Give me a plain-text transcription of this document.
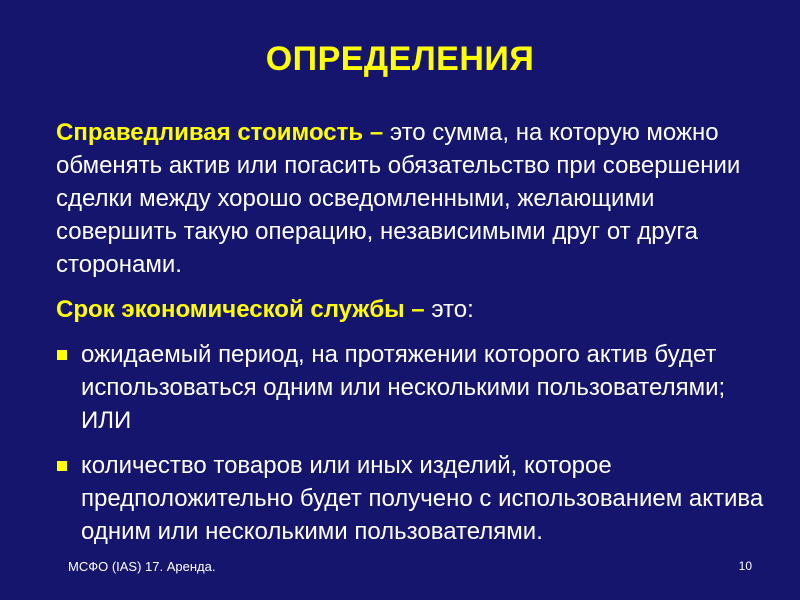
ОПРЕДЕЛЕНИЯ

Справедливая стоимость – это сумма, на которую можно обменять актив или погасить обязательство при совершении сделки между хорошо осведомленными, желающими совершить такую операцию, независимыми друг от друга сторонами.

Срок экономической службы – это:

ожидаемый период, на протяжении которого актив будет использоваться одним или несколькими пользователями; ИЛИ
количество товаров или иных изделий, которое предположительно будет получено с использованием актива одним или несколькими пользователями.
МСФО (IAS) 17. Аренда.	10
